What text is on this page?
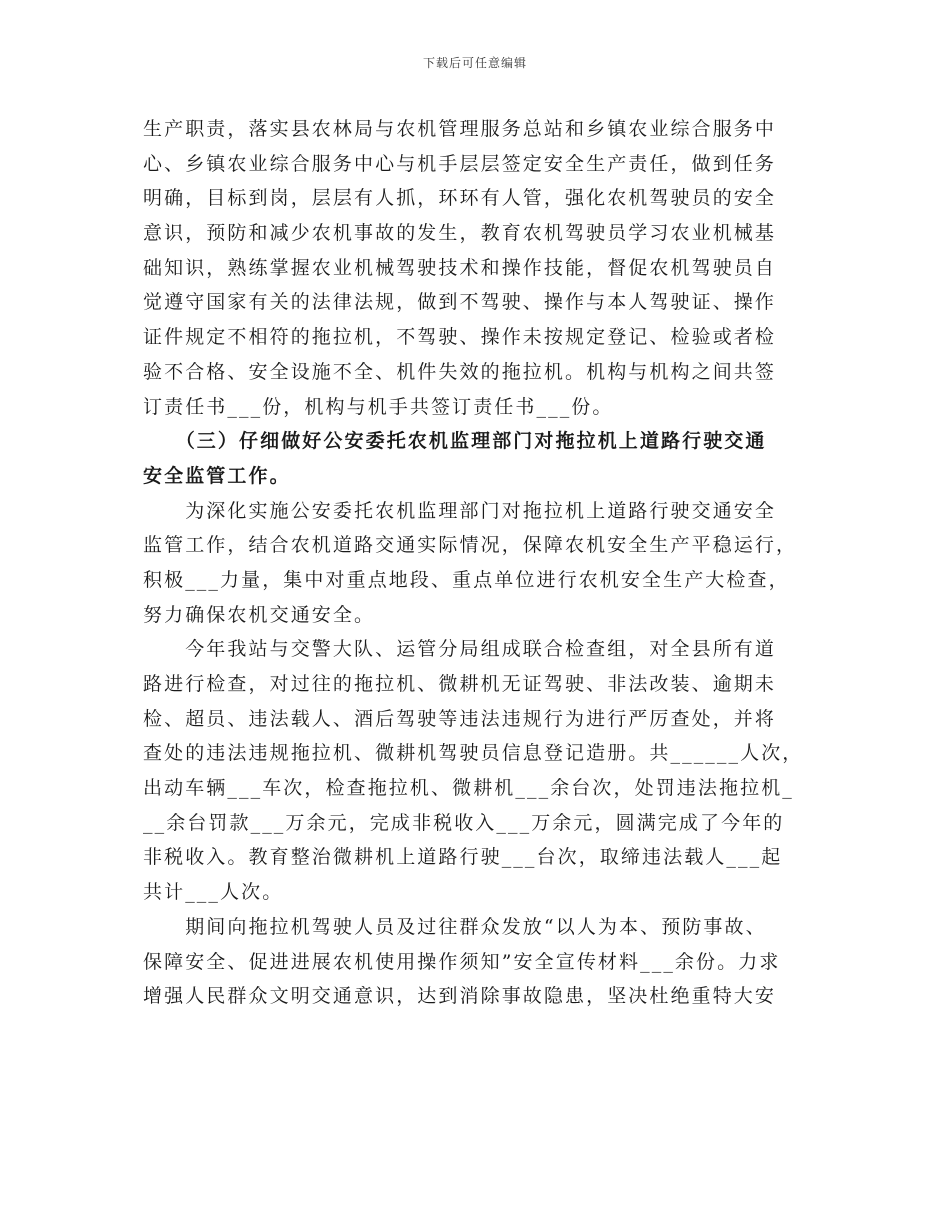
下载后可任意编辑
生产职责，落实县农林局与农机管理服务总站和乡镇农业综合服务中
心、乡镇农业综合服务中心与机手层层签定安全生产责任，做到任务
明确，目标到岗，层层有人抓，环环有人管，强化农机驾驶员的安全
意识，预防和减少农机事故的发生，教育农机驾驶员学习农业机械基
础知识，熟练掌握农业机械驾驶技术和操作技能，督促农机驾驶员自
觉遵守国家有关的法律法规，做到不驾驶、操作与本人驾驶证、操作
证件规定不相符的拖拉机，不驾驶、操作未按规定登记、检验或者检
验不合格、安全设施不全、机件失效的拖拉机。机构与机构之间共签
订责任书___份，机构与机手共签订责任书___份。
　　（三）仔细做好公安委托农机监理部门对拖拉机上道路行驶交通
安全监管工作。
　　为深化实施公安委托农机监理部门对拖拉机上道路行驶交通安全
监管工作，结合农机道路交通实际情况，保障农机安全生产平稳运行，
积极___力量，集中对重点地段、重点单位进行农机安全生产大检查，
努力确保农机交通安全。
　　今年我站与交警大队、运管分局组成联合检查组，对全县所有道
路进行检查，对过往的拖拉机、微耕机无证驾驶、非法改装、逾期未
检、超员、违法载人、酒后驾驶等违法违规行为进行严厉查处，并将
查处的违法违规拖拉机、微耕机驾驶员信息登记造册。共______人次，
出动车辆___车次，检查拖拉机、微耕机___余台次，处罚违法拖拉机_
__余台罚款___万余元，完成非税收入___万余元，圆满完成了今年的
非税收入。教育整治微耕机上道路行驶___台次，取缔违法载人___起
共计___人次。
　　期间向拖拉机驾驶人员及过往群众发放“以人为本、预防事故、
保障安全、促进进展农机使用操作须知”安全宣传材料___余份。力求
增强人民群众文明交通意识，达到消除事故隐患，坚决杜绝重特大安
